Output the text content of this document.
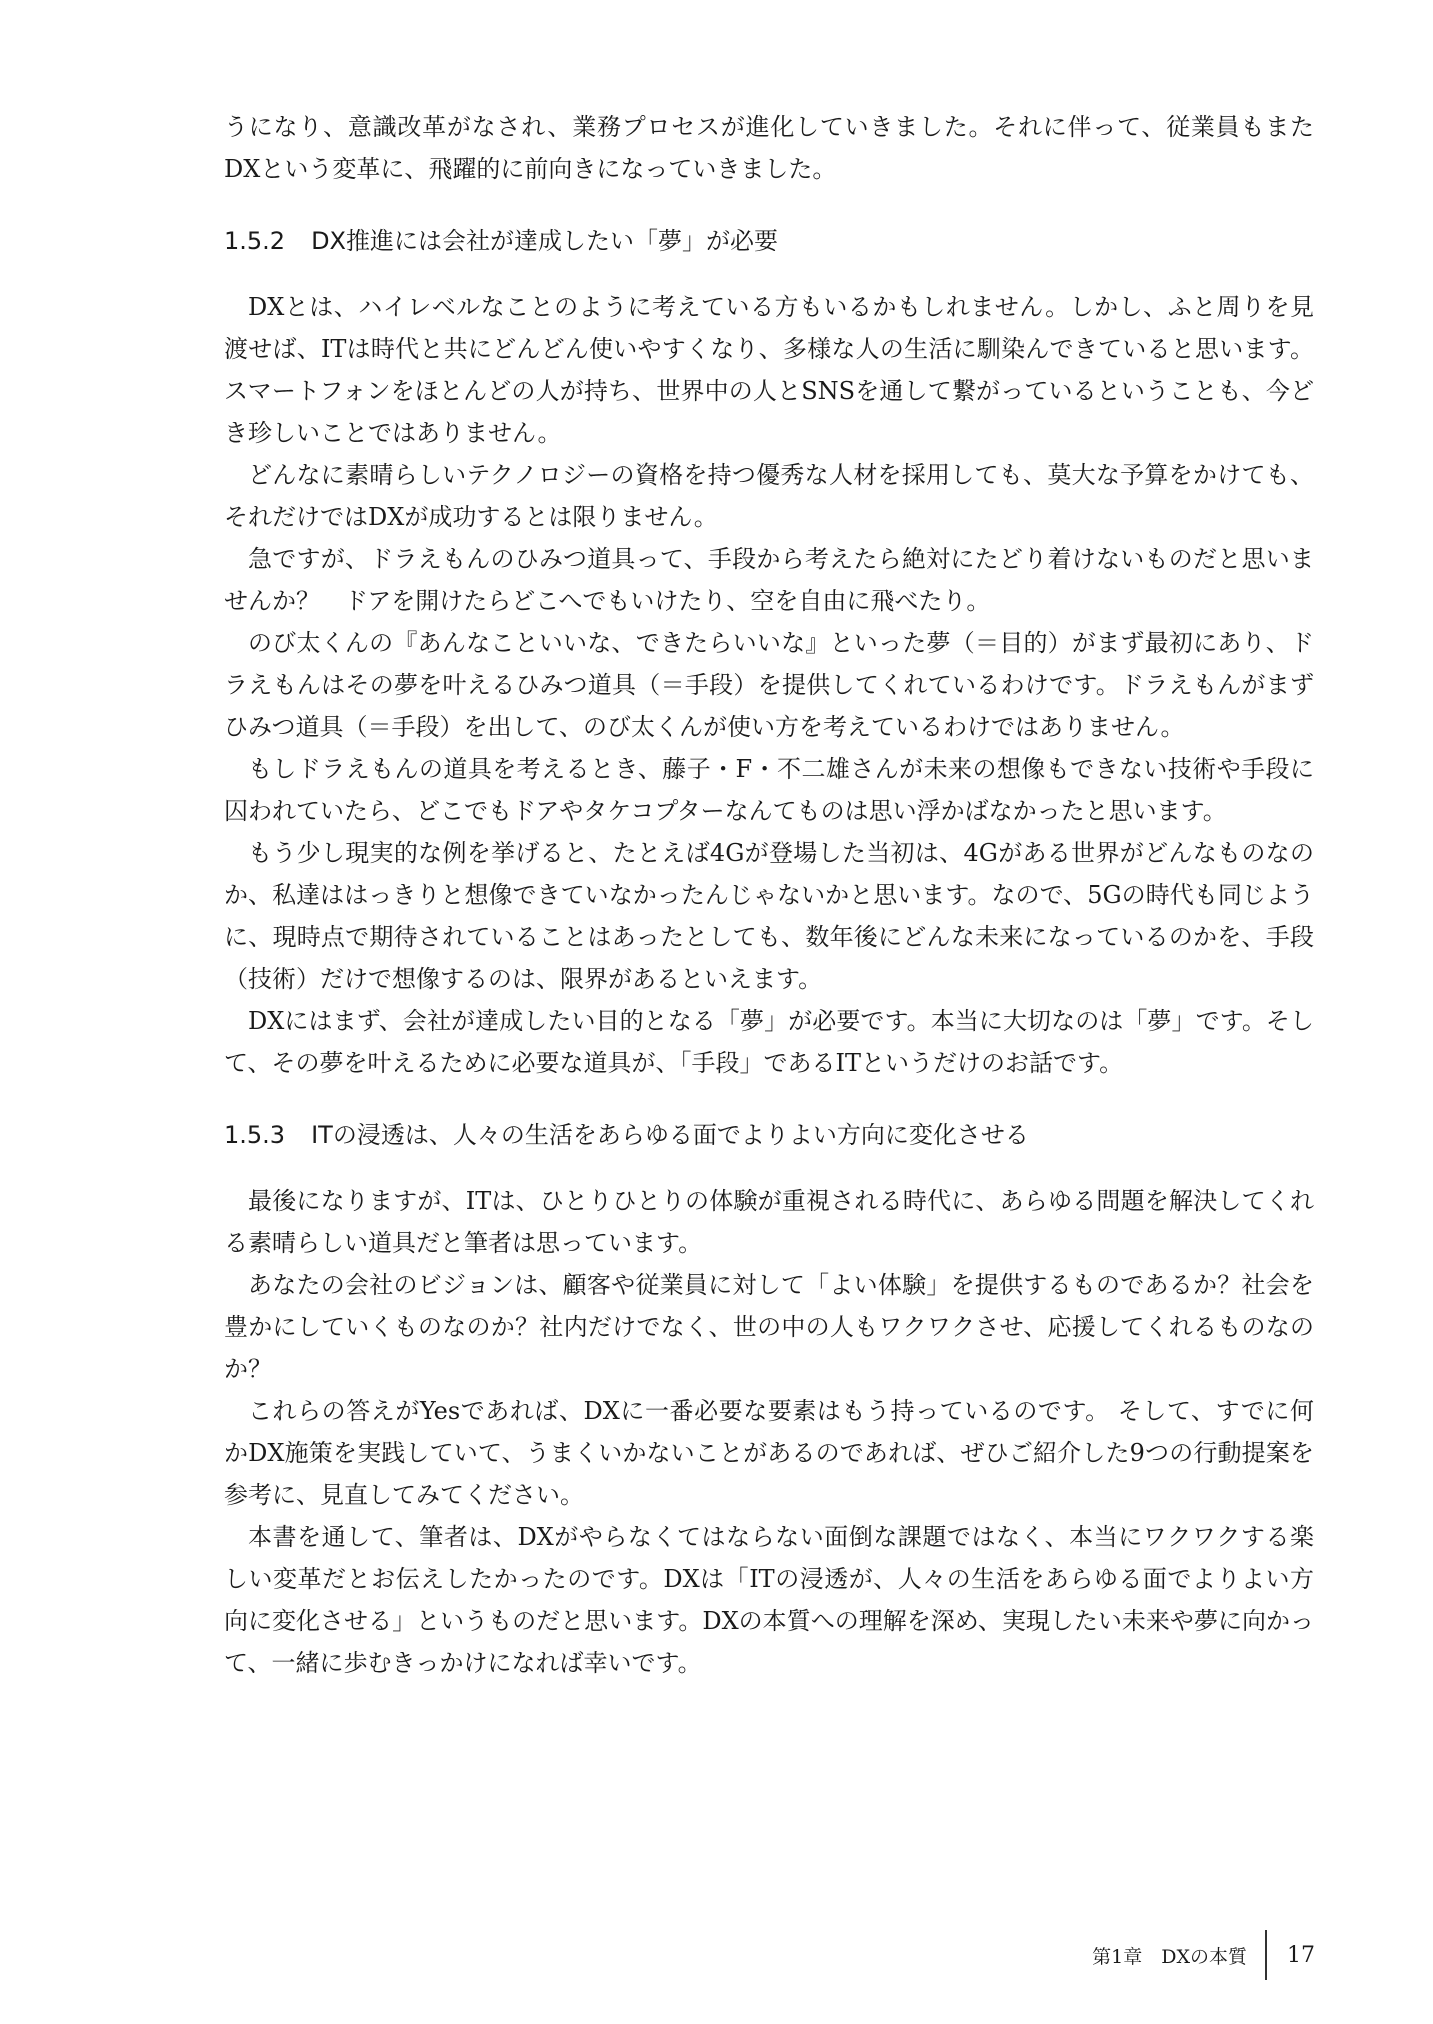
うになり、意識改革がなされ、業務プロセスが進化していきました。それに伴って、従業員もまたDXという変革に、飛躍的に前向きになっていきました。

1.5.2 DX推進には会社が達成したい「夢」が必要

DXとは、ハイレベルなことのように考えている方もいるかもしれません。しかし、ふと周りを見渡せば、ITは時代と共にどんどん使いやすくなり、多様な人の生活に馴染んできていると思います。スマートフォンをほとんどの人が持ち、世界中の人とSNSを通して繋がっているということも、今どき珍しいことではありません。

どんなに素晴らしいテクノロジーの資格を持つ優秀な人材を採用しても、莫大な予算をかけても、それだけではDXが成功するとは限りません。

急ですが、ドラえもんのひみつ道具って、手段から考えたら絶対にたどり着けないものだと思いませんか？　ドアを開けたらどこへでもいけたり、空を自由に飛べたり。

のび太くんの『あんなこといいな、できたらいいな』といった夢（＝目的）がまず最初にあり、ドラえもんはその夢を叶えるひみつ道具（＝手段）を提供してくれているわけです。ドラえもんがまずひみつ道具（＝手段）を出して、のび太くんが使い方を考えているわけではありません。

もしドラえもんの道具を考えるとき、藤子・F・不二雄さんが未来の想像もできない技術や手段に囚われていたら、どこでもドアやタケコプターなんてものは思い浮かばなかったと思います。

もう少し現実的な例を挙げると、たとえば4Gが登場した当初は、4Gがある世界がどんなものなのか、私達ははっきりと想像できていなかったんじゃないかと思います。なので、5Gの時代も同じように、現時点で期待されていることはあったとしても、数年後にどんな未来になっているのかを、手段（技術）だけで想像するのは、限界があるといえます。

DXにはまず、会社が達成したい目的となる「夢」が必要です。本当に大切なのは「夢」です。そして、その夢を叶えるために必要な道具が、「手段」であるITというだけのお話です。

1.5.3 ITの浸透は、人々の生活をあらゆる面でよりよい方向に変化させる

最後になりますが、ITは、ひとりひとりの体験が重視される時代に、あらゆる問題を解決してくれる素晴らしい道具だと筆者は思っています。

あなたの会社のビジョンは、顧客や従業員に対して「よい体験」を提供するものであるか？社会を豊かにしていくものなのか？社内だけでなく、世の中の人もワクワクさせ、応援してくれるものなのか？

これらの答えがYesであれば、DXに一番必要な要素はもう持っているのです。 そして、すでに何かDX施策を実践していて、うまくいかないことがあるのであれば、ぜひご紹介した9つの行動提案を参考に、見直してみてください。

本書を通して、筆者は、DXがやらなくてはならない面倒な課題ではなく、本当にワクワクする楽しい変革だとお伝えしたかったのです。DXは「ITの浸透が、人々の生活をあらゆる面でよりよい方向に変化させる」というものだと思います。DXの本質への理解を深め、実現したい未来や夢に向かって、一緒に歩むきっかけになれば幸いです。

第1章　DXの本質 17
